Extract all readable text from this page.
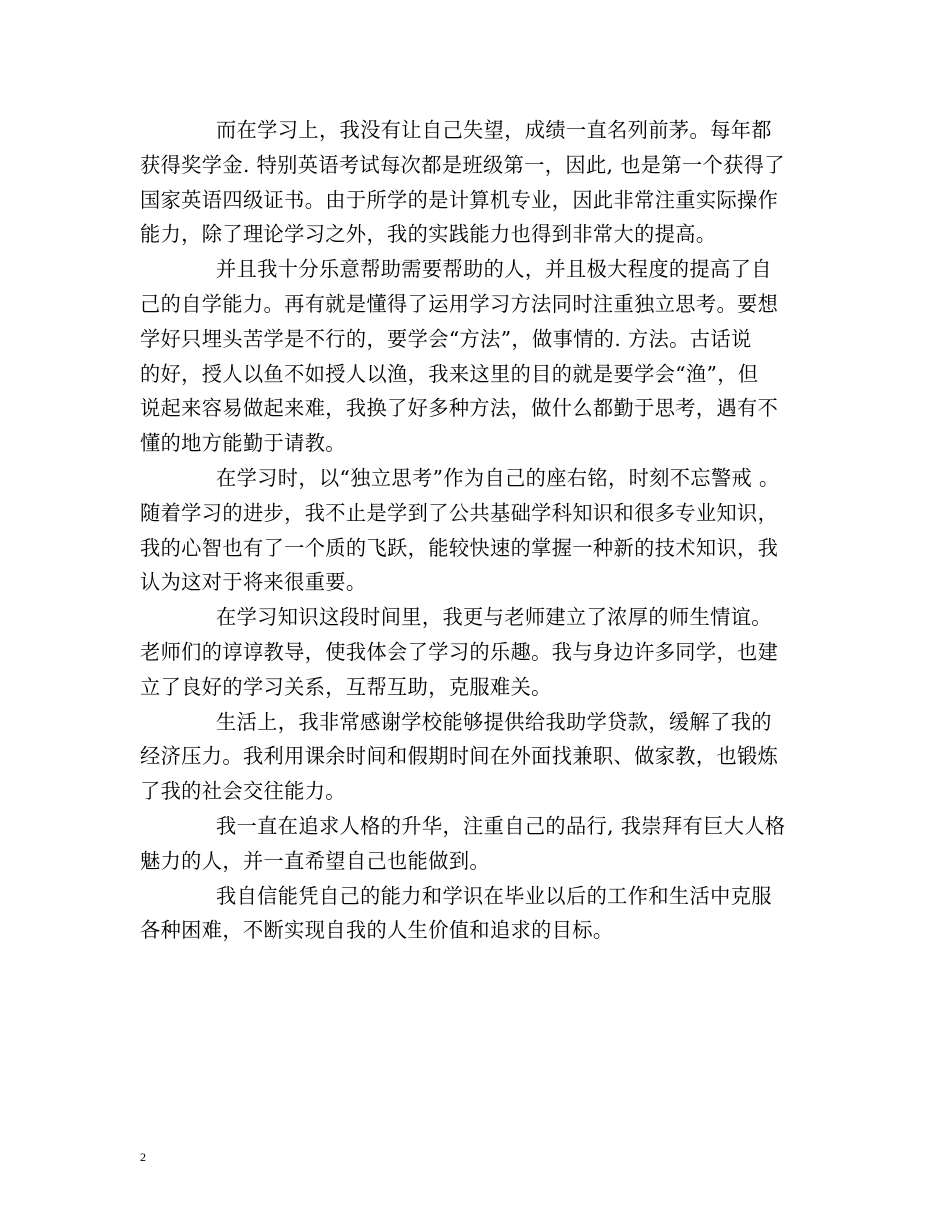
而在学习上，我没有让自己失望，成绩一直名列前茅。每年都
获得奖学金. 特别英语考试每次都是班级第一，因此, 也是第一个获得了
国家英语四级证书。由于所学的是计算机专业，因此非常注重实际操作
能力，除了理论学习之外，我的实践能力也得到非常大的提高。
并且我十分乐意帮助需要帮助的人，并且极大程度的提高了自
己的自学能力。再有就是懂得了运用学习方法同时注重独立思考。要想
学好只埋头苦学是不行的，要学会“方法”，做事情的. 方法。古话说
的好，授人以鱼不如授人以渔，我来这里的目的就是要学会“渔”，但
说起来容易做起来难，我换了好多种方法，做什么都勤于思考，遇有不
懂的地方能勤于请教。
在学习时，以“独立思考”作为自己的座右铭，时刻不忘警戒 。
随着学习的进步，我不止是学到了公共基础学科知识和很多专业知识，
我的心智也有了一个质的飞跃，能较快速的掌握一种新的技术知识，我
认为这对于将来很重要。
在学习知识这段时间里，我更与老师建立了浓厚的师生情谊。
老师们的谆谆教导，使我体会了学习的乐趣。我与身边许多同学，也建
立了良好的学习关系，互帮互助，克服难关。
生活上，我非常感谢学校能够提供给我助学贷款，缓解了我的
经济压力。我利用课余时间和假期时间在外面找兼职、做家教，也锻炼
了我的社会交往能力。
我一直在追求人格的升华，注重自己的品行, 我崇拜有巨大人格
魅力的人，并一直希望自己也能做到。
我自信能凭自己的能力和学识在毕业以后的工作和生活中克服
各种困难，不断实现自我的人生价值和追求的目标。
2
